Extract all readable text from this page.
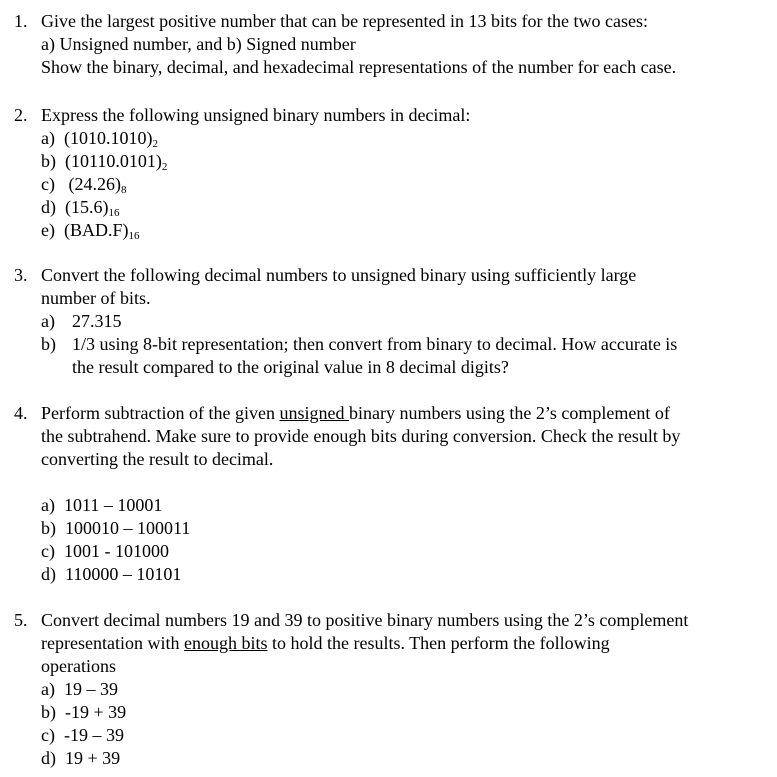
1. Give the largest positive number that can be represented in 13 bits for the two cases:
a) Unsigned number, and b) Signed number
Show the binary, decimal, and hexadecimal representations of the number for each case.
2. Express the following unsigned binary numbers in decimal:
a) $(1010.1010)_2$
b) $(10110.0101)_2$
c) $(24.26)_8$
d) $(15.6)_{16}$
e) $(BAD.F)_{16}$
3. Convert the following decimal numbers to unsigned binary using sufficiently large
number of bits.
a) 27.315
b) 1/3 using 8-bit representation; then convert from binary to decimal. How accurate is
the result compared to the original value in 8 decimal digits?
4. Perform subtraction of the given unsigned binary numbers using the 2’s complement of
the subtrahend. Make sure to provide enough bits during conversion. Check the result by
converting the result to decimal.
a) 1011 – 10001
b) 100010 – 100011
c) 1001 - 101000
d) 110000 – 10101
5. Convert decimal numbers 19 and 39 to positive binary numbers using the 2’s complement
representation with enough bits to hold the results. Then perform the following
operations
a) 19 – 39
b) -19 + 39
c) -19 – 39
d) 19 + 39
